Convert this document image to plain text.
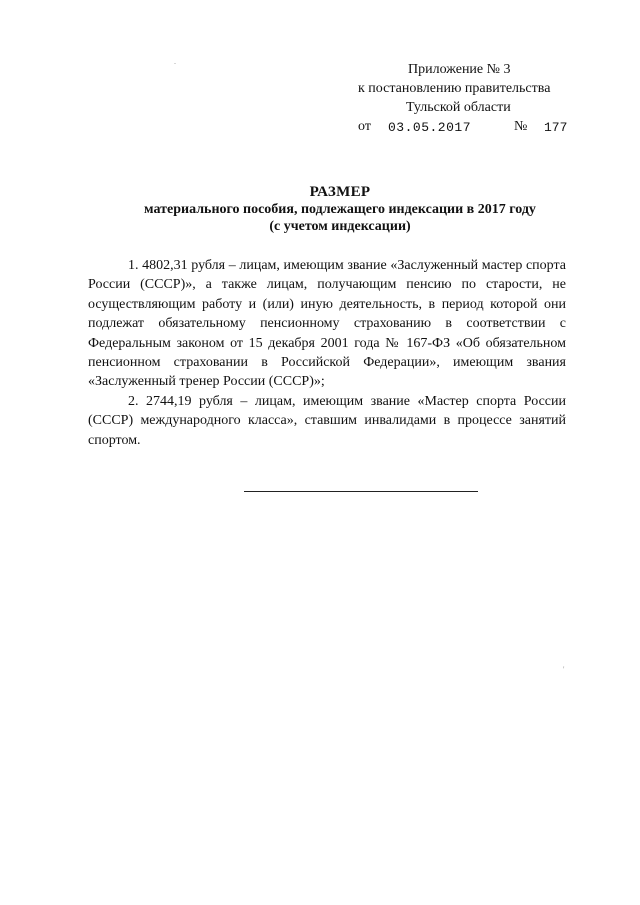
Приложение № 3
к постановлению правительства
Тульской области
от 03.05.2017	№ 177
РАЗМЕР
материального пособия, подлежащего индексации в 2017 году
(с учетом индексации)

1. 4802,31 рубля – лицам, имеющим звание «Заслуженный мастер спорта России (СССР)», а также лицам, получающим пенсию по старости, не осуществляющим работу и (или) иную деятельность, в период которой они подлежат обязательному пенсионному страхованию в соответствии с Федеральным законом от 15 декабря 2001 года № 167-ФЗ «Об обязательном пенсионном страховании в Российской Федерации», имеющим звания «Заслуженный тренер России (СССР)»;

2. 2744,19 рубля – лицам, имеющим звание «Мастер спорта России (СССР) международного класса», ставшим инвалидами в процессе занятий спортом.

.
'
